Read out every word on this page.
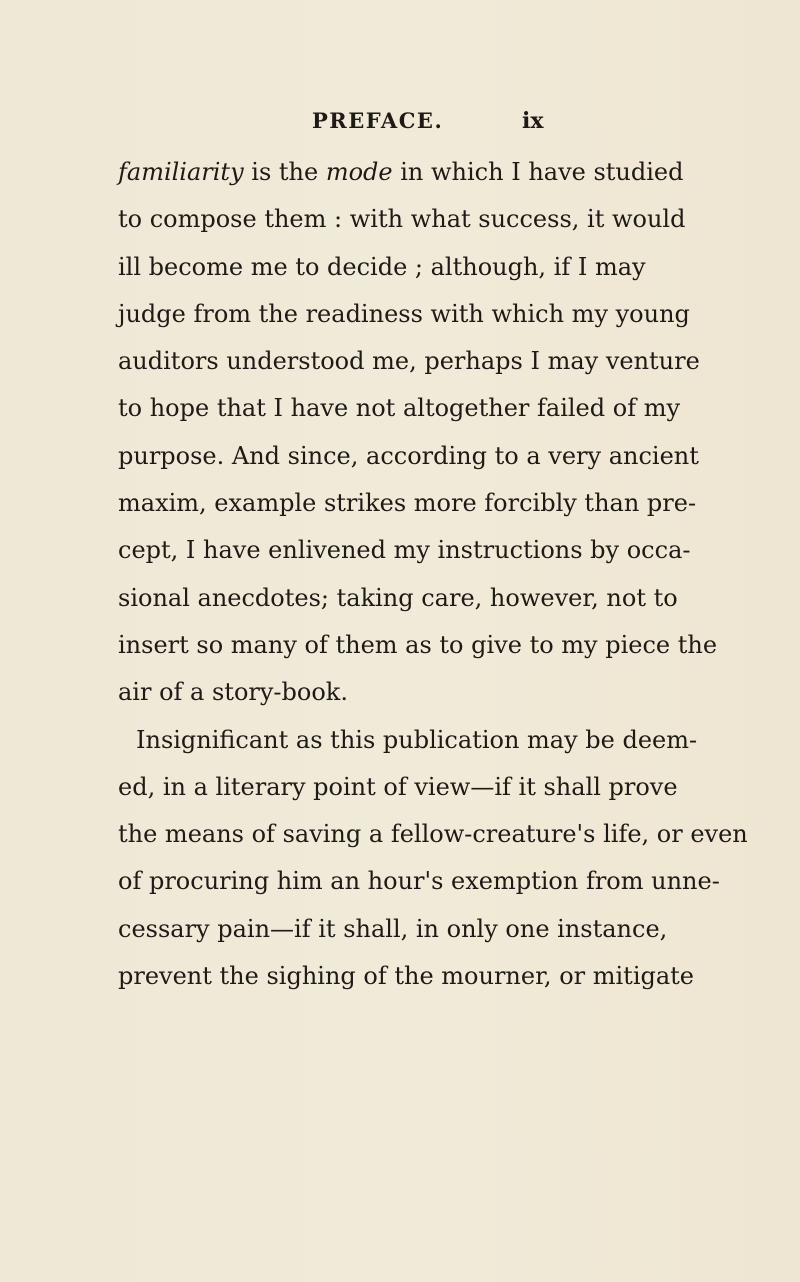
PREFACE.	ix
familiarity is the mode in which I have studied
to compose them : with what success, it would
ill become me to decide ; although, if I may
judge from the readiness with which my young
auditors understood me, perhaps I may venture
to hope that I have not altogether failed of my
purpose. And since, according to a very ancient
maxim, example strikes more forcibly than pre-
cept, I have enlivened my instructions by occa-
sional anecdotes; taking care, however, not to
insert so many of them as to give to my piece the
air of a story-book.
Insignificant as this publication may be deem-
ed, in a literary point of view—if it shall prove
the means of saving a fellow-creature's life, or even
of procuring him an hour's exemption from unne-
cessary pain—if it shall, in only one instance,
prevent the sighing of the mourner, or mitigate
